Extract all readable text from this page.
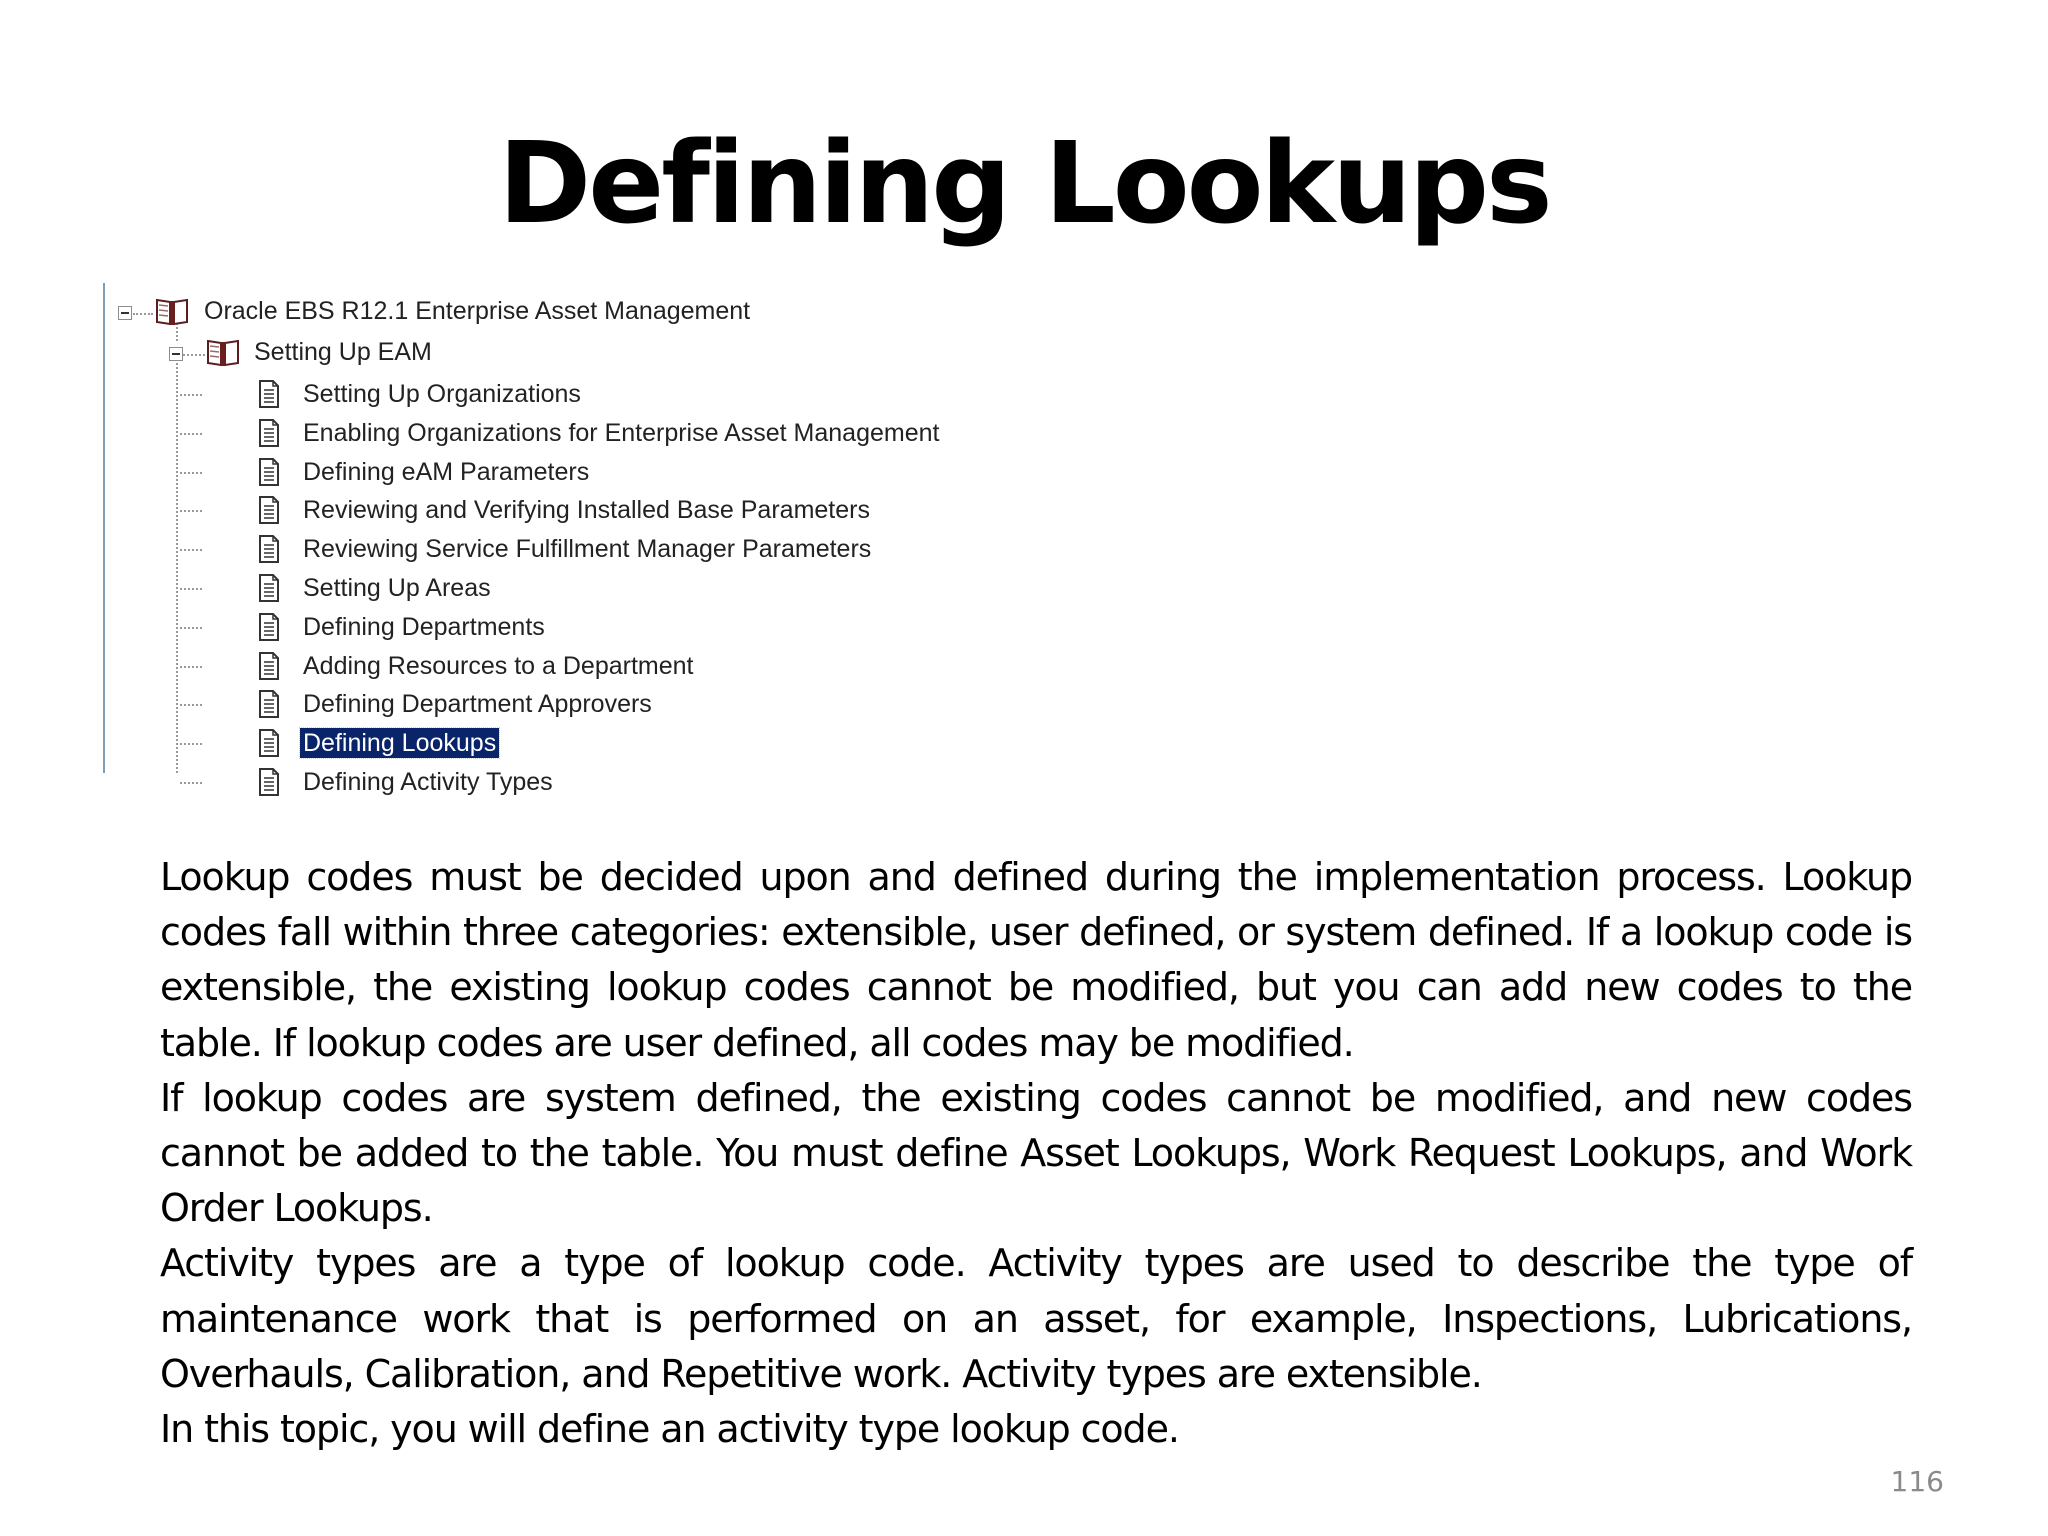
Defining Lookups
Oracle EBS R12.1 Enterprise Asset Management
Setting Up EAM
Setting Up Organizations
Enabling Organizations for Enterprise Asset Management
Defining eAM Parameters
Reviewing and Verifying Installed Base Parameters
Reviewing Service Fulfillment Manager Parameters
Setting Up Areas
Defining Departments
Adding Resources to a Department
Defining Department Approvers
Defining Lookups
Defining Activity Types

Lookup codes must be decided upon and defined during the implementation process. Lookup codes fall within three categories: extensible, user defined, or system defined. If a lookup code is extensible, the existing lookup codes cannot be modified, but you can add new codes to the table. If lookup codes are user defined, all codes may be modified.

If lookup codes are system defined, the existing codes cannot be modified, and new codes cannot be added to the table. You must define Asset Lookups, Work Request Lookups, and Work Order Lookups.

Activity types are a type of lookup code. Activity types are used to describe the type of maintenance work that is performed on an asset, for example, Inspections, Lubrications, Overhauls, Calibration, and Repetitive work. Activity types are extensible.

In this topic, you will define an activity type lookup code.

116
